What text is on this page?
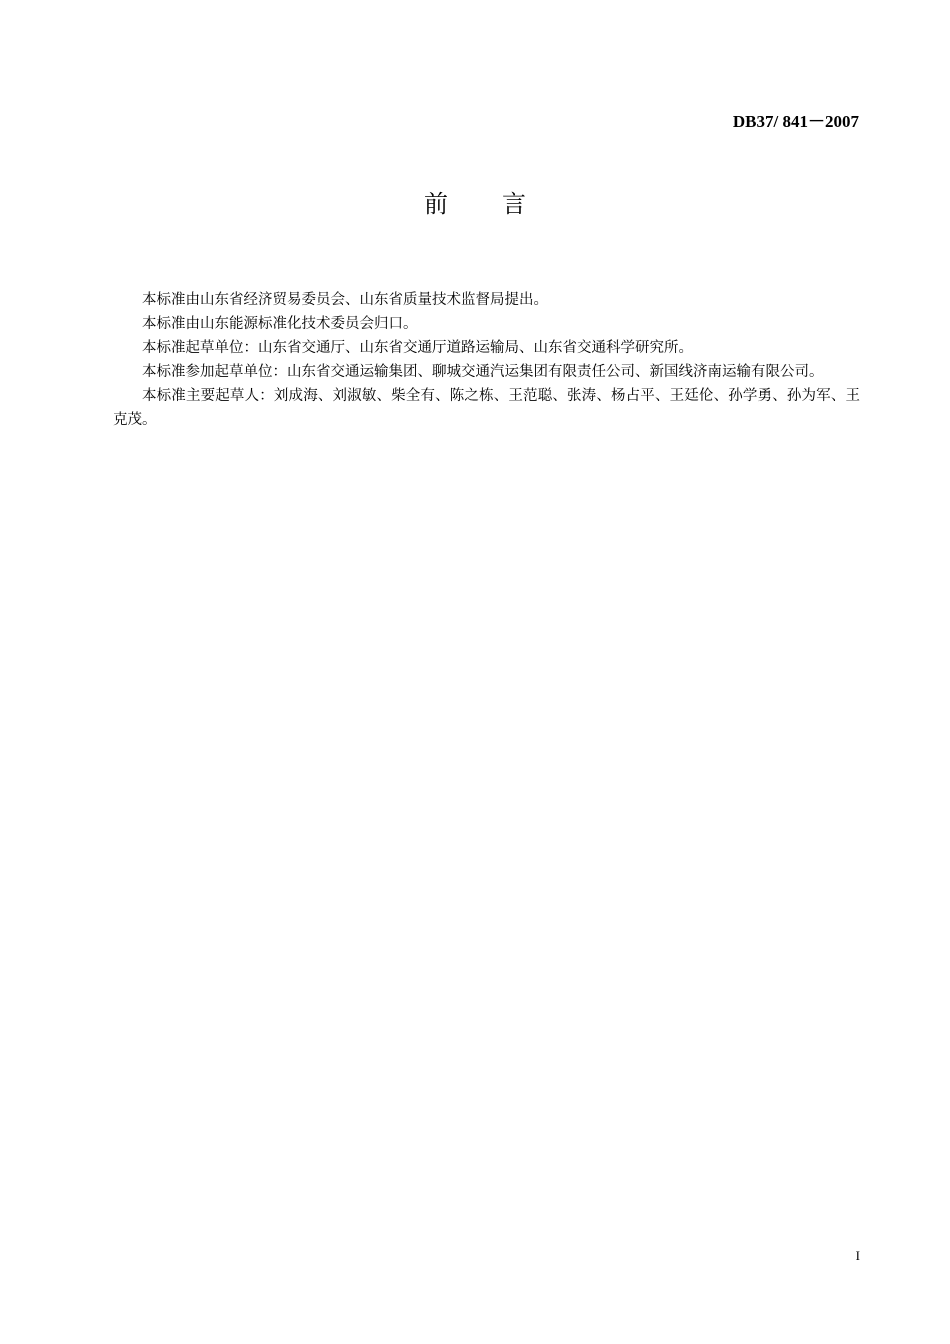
DB37/ 841－2007
前 言

本标准由山东省经济贸易委员会、山东省质量技术监督局提出。

本标准由山东能源标准化技术委员会归口。

本标准起草单位：山东省交通厅、山东省交通厅道路运输局、山东省交通科学研究所。

本标准参加起草单位：山东省交通运输集团、聊城交通汽运集团有限责任公司、新国线济南运输有限公司。

本标准主要起草人：刘成海、刘淑敏、柴全有、陈之栋、王范聪、张涛、杨占平、王廷伦、孙学勇、孙为军、王克茂。

I
